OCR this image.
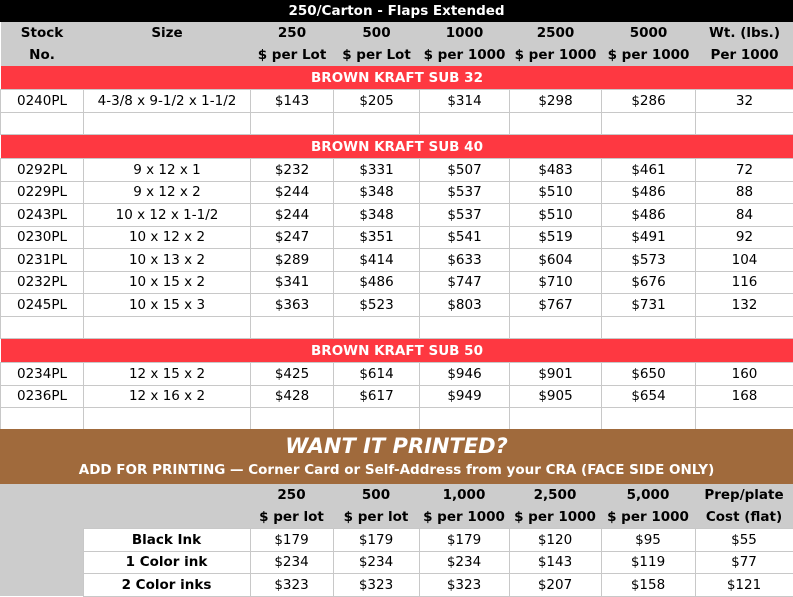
250/Carton - Flaps Extended
Stock	Size	250	500	1000	2500	5000	Wt. (lbs.)
No.		$ per Lot	$ per Lot	$ per 1000	$ per 1000	$ per 1000	Per 1000
BROWN KRAFT SUB 32							
0240PL	4-3/8 x 9-1/2 x 1-1/2	$143	$205	$314	$298	$286	32

BROWN KRAFT SUB 40							
0292PL	9 x 12 x 1	$232	$331	$507	$483	$461	72
0229PL	9 x 12 x 2	$244	$348	$537	$510	$486	88
0243PL	10 x 12 x 1-1/2	$244	$348	$537	$510	$486	84
0230PL	10 x 12 x 2	$247	$351	$541	$519	$491	92
0231PL	10 x 13 x 2	$289	$414	$633	$604	$573	104
0232PL	10 x 15 x 2	$341	$486	$747	$710	$676	116
0245PL	10 x 15 x 3	$363	$523	$803	$767	$731	132

BROWN KRAFT SUB 50							
0234PL	12 x 15 x 2	$425	$614	$946	$901	$650	160
0236PL	12 x 16 x 2	$428	$617	$949	$905	$654	168

WANT IT PRINTED?
ADD FOR PRINTING — Corner Card or Self-Address from your CRA (FACE SIDE ONLY)
		250	500	1,000	2,500	5,000	Prep/plate
		$ per lot	$ per lot	$ per 1000	$ per 1000	$ per 1000	Cost (flat)
	Black Ink	$179	$179	$179	$120	$95	$55
	1 Color ink	$234	$234	$234	$143	$119	$77
	2 Color inks	$323	$323	$323	$207	$158	$121
